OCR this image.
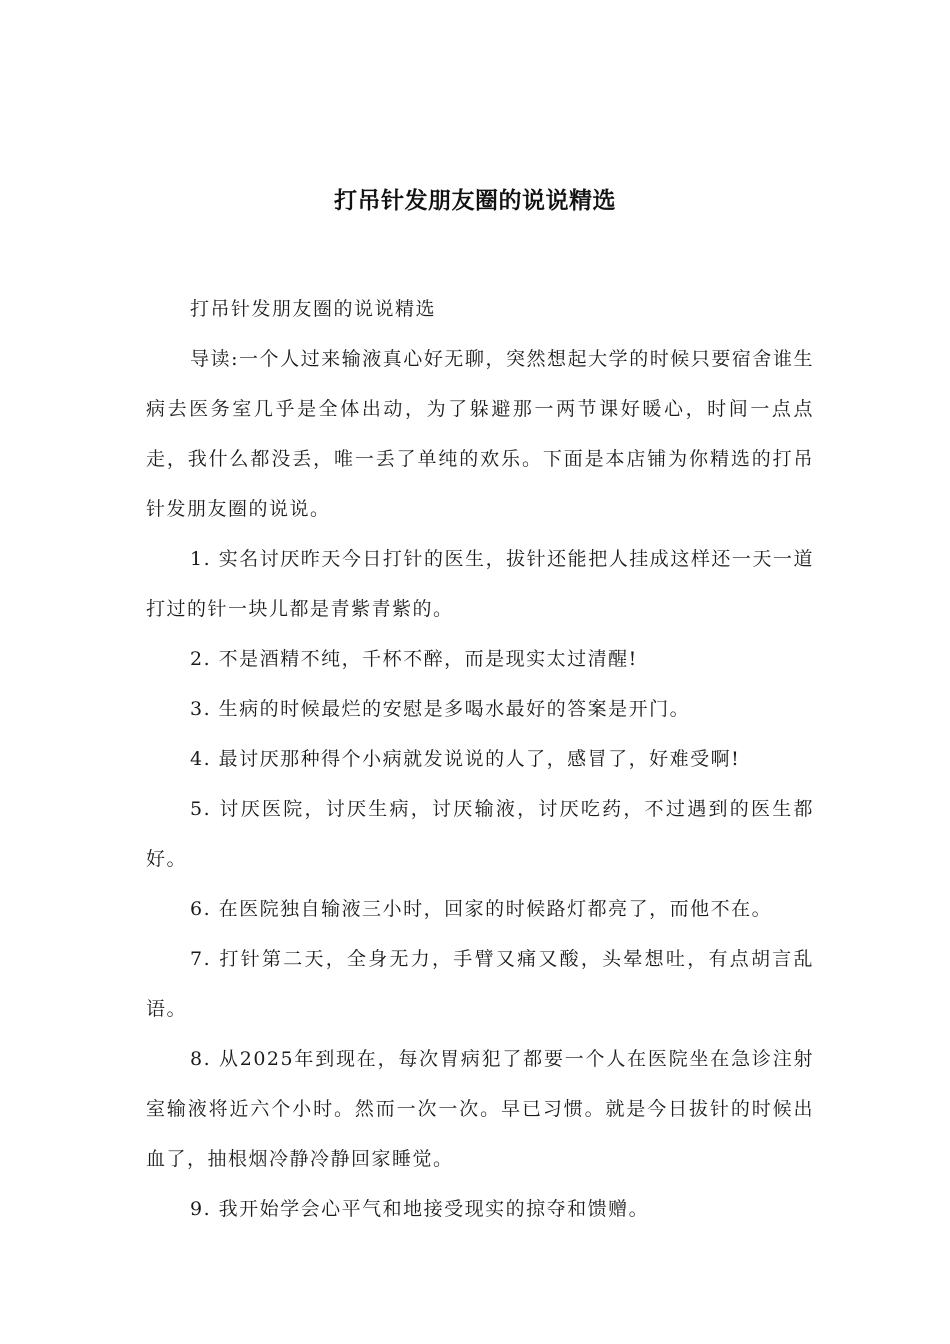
打吊针发朋友圈的说说精选

打吊针发朋友圈的说说精选

导读:一个人过来输液真心好无聊，突然想起大学的时候只要宿舍谁生病去医务室几乎是全体出动，为了躲避那一两节课好暖心，时间一点点走，我什么都没丢，唯一丢了单纯的欢乐。下面是本店铺为你精选的打吊针发朋友圈的说说。

1. 实名讨厌昨天今日打针的医生，拔针还能把人挂成这样还一天一道打过的针一块儿都是青紫青紫的。

2. 不是酒精不纯，千杯不醉，而是现实太过清醒!

3. 生病的时候最烂的安慰是多喝水最好的答案是开门。

4. 最讨厌那种得个小病就发说说的人了，感冒了，好难受啊!

5. 讨厌医院，讨厌生病，讨厌输液，讨厌吃药，不过遇到的医生都好。

6. 在医院独自输液三小时，回家的时候路灯都亮了，而他不在。

7. 打针第二天，全身无力，手臂又痛又酸，头晕想吐，有点胡言乱语。

8. 从2025年到现在，每次胃病犯了都要一个人在医院坐在急诊注射室输液将近六个小时。然而一次一次。早已习惯。就是今日拔针的时候出血了，抽根烟冷静冷静回家睡觉。

9. 我开始学会心平气和地接受现实的掠夺和馈赠。
